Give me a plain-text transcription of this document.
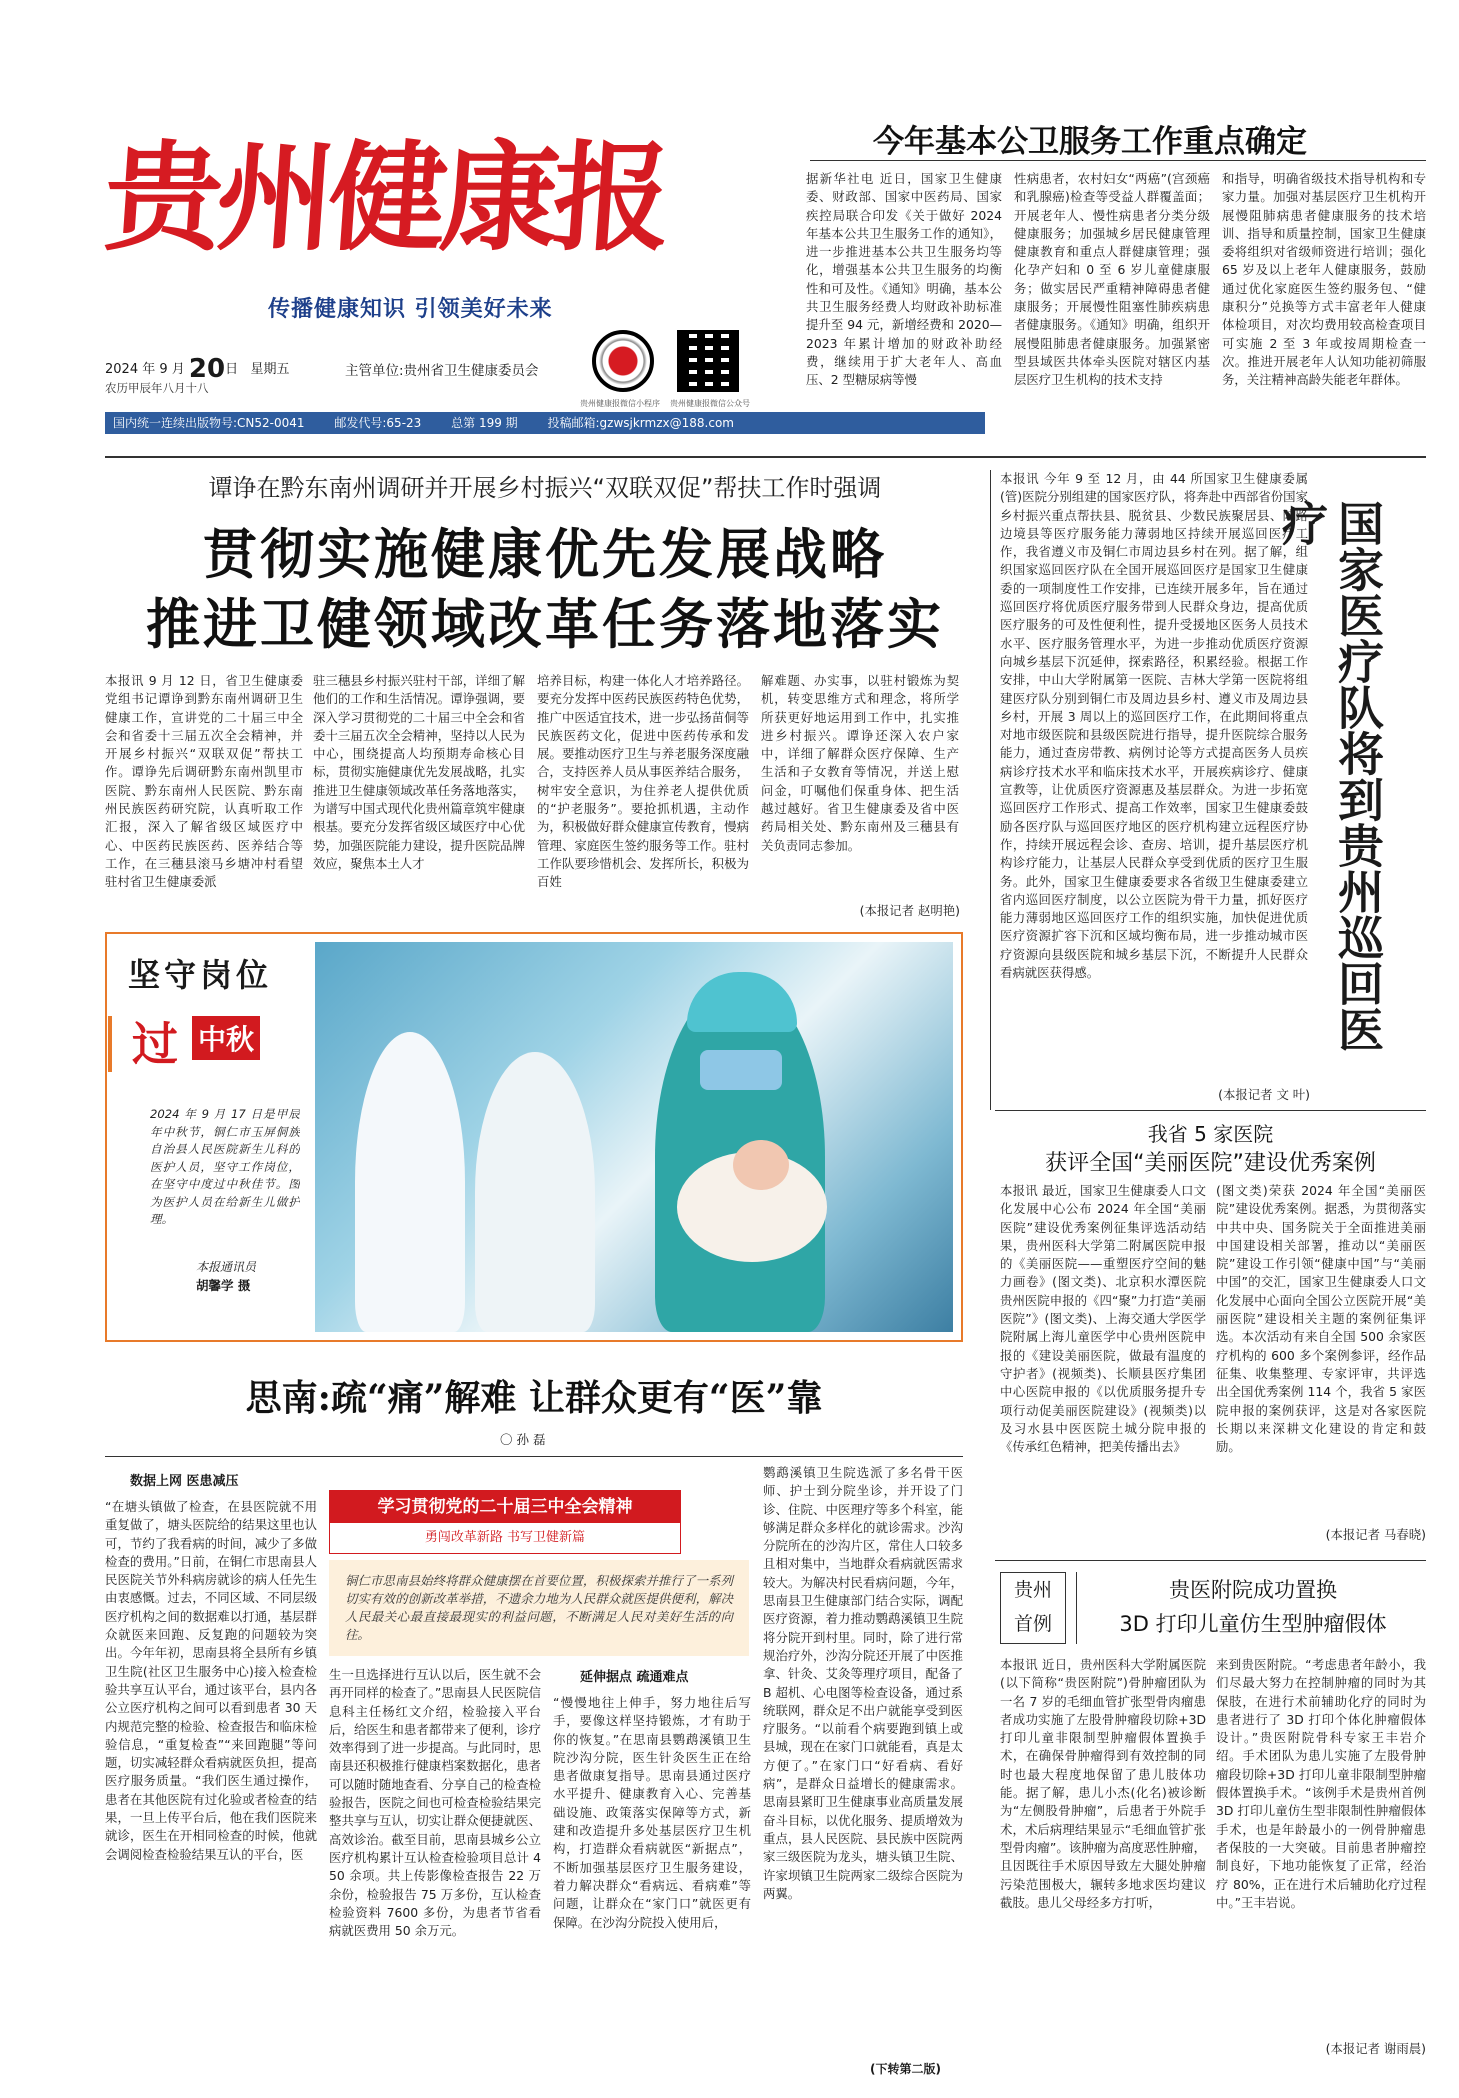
贵州健康报
传播健康知识 引领美好未来
2024 年 9 月 20日 星期五
农历甲辰年八月十八
主管单位:贵州省卫生健康委员会
贵州健康报微信小程序 贵州健康报微信公众号
国内统一连续出版物号:CN52-0041 邮发代号:65-23 总第 199 期 投稿邮箱:gzwsjkrmzx@188.com
今年基本公卫服务工作重点确定
据新华社电 近日，国家卫生健康委、财政部、国家中医药局、国家疾控局联合印发《关于做好 2024 年基本公共卫生服务工作的通知》，进一步推进基本公共卫生服务均等化，增强基本公共卫生服务的均衡性和可及性。《通知》明确，基本公共卫生服务经费人均财政补助标准提升至 94 元，新增经费和 2020—2023 年累计增加的财政补助经费，继续用于扩大老年人、高血压、2 型糖尿病等慢
性病患者，农村妇女“两癌”(宫颈癌和乳腺癌)检查等受益人群覆盖面；开展老年人、慢性病患者分类分级健康服务；加强城乡居民健康管理健康教育和重点人群健康管理；强化孕产妇和 0 至 6 岁儿童健康服务；做实居民严重精神障碍患者健康服务；开展慢性阻塞性肺疾病患者健康服务。《通知》明确，组织开展慢阻肺患者健康服务。加强紧密型县域医共体牵头医院对辖区内基层医疗卫生机构的技术支持
和指导，明确省级技术指导机构和专家力量。加强对基层医疗卫生机构开展慢阻肺病患者健康服务的技术培训、指导和质量控制，国家卫生健康委将组织对省级师资进行培训；强化 65 岁及以上老年人健康服务，鼓励通过优化家庭医生签约服务包、“健康积分”兑换等方式丰富老年人健康体检项目，对次均费用较高检查项目可实施 2 至 3 年或按周期检查一次。推进开展老年人认知功能初筛服务，关注精神高龄失能老年群体。
谭诤在黔东南州调研并开展乡村振兴“双联双促”帮扶工作时强调
贯彻实施健康优先发展战略
推进卫健领域改革任务落地落实
本报讯 9 月 12 日，省卫生健康委党组书记谭诤到黔东南州调研卫生健康工作，宣讲党的二十届三中全会和省委十三届五次全会精神，并开展乡村振兴“双联双促”帮扶工作。谭诤先后调研黔东南州凯里市医院、黔东南州人民医院、黔东南州民族医药研究院，认真听取工作汇报，深入了解省级区域医疗中心、中医药民族医药、医养结合等工作，在三穗县滚马乡塘冲村看望驻村省卫生健康委派
驻三穗县乡村振兴驻村干部，详细了解他们的工作和生活情况。谭诤强调，要深入学习贯彻党的二十届三中全会和省委十三届五次全会精神，坚持以人民为中心，围绕提高人均预期寿命核心目标，贯彻实施健康优先发展战略，扎实推进卫生健康领域改革任务落地落实，为谱写中国式现代化贵州篇章筑牢健康根基。要充分发挥省级区域医疗中心优势，加强医院能力建设，提升医院品牌效应，聚焦本土人才
培养目标，构建一体化人才培养路径。要充分发挥中医药民族医药特色优势，推广中医适宜技术，进一步弘扬苗侗等民族医药文化，促进中医药传承和发展。要推动医疗卫生与养老服务深度融合，支持医养人员从事医养结合服务，树牢安全意识，为住养老人提供优质的“护老服务”。要抢抓机遇，主动作为，积极做好群众健康宣传教育，慢病管理、家庭医生签约服务等工作。驻村工作队要珍惜机会、发挥所长，积极为百姓
解难题、办实事，以驻村锻炼为契机，转变思维方式和理念，将所学所获更好地运用到工作中，扎实推进乡村振兴。谭诤还深入农户家中，详细了解群众医疗保障、生产生活和子女教育等情况，并送上慰问金，叮嘱他们保重身体、把生活越过越好。省卫生健康委及省中医药局相关处、黔东南州及三穗县有关负责同志参加。
(本报记者 赵明艳)
坚守岗位
过 中秋
2024 年 9 月 17 日是甲辰年中秋节，铜仁市玉屏侗族自治县人民医院新生儿科的医护人员，坚守工作岗位，在坚守中度过中秋佳节。图为医护人员在给新生儿做护理。
本报通讯员
胡馨学 摄
本报讯 今年 9 至 12 月，由 44 所国家卫生健康委属(管)医院分别组建的国家医疗队，将奔赴中西部省份国家乡村振兴重点帮扶县、脱贫县、少数民族聚居县、陆路边境县等医疗服务能力薄弱地区持续开展巡回医疗工作，我省遵义市及铜仁市周边县乡村在列。据了解，组织国家巡回医疗队在全国开展巡回医疗是国家卫生健康委的一项制度性工作安排，已连续开展多年，旨在通过巡回医疗将优质医疗服务带到人民群众身边，提高优质医疗服务的可及性便利性，提升受援地区医务人员技术水平、医疗服务管理水平，为进一步推动优质医疗资源向城乡基层下沉延伸，探索路径，积累经验。根据工作安排，中山大学附属第一医院、吉林大学第一医院将组建医疗队分别到铜仁市及周边县乡村、遵义市及周边县乡村，开展 3 周以上的巡回医疗工作，在此期间将重点对地市级医院和县级医院进行指导，提升医院综合服务能力，通过查房带教、病例讨论等方式提高医务人员疾病诊疗技术水平和临床技术水平，开展疾病诊疗、健康宣教等，让优质医疗资源惠及基层群众。为进一步拓宽巡回医疗工作形式、提高工作效率，国家卫生健康委鼓励各医疗队与巡回医疗地区的医疗机构建立远程医疗协作，持续开展远程会诊、查房、培训，提升基层医疗机构诊疗能力，让基层人民群众享受到优质的医疗卫生服务。此外，国家卫生健康委要求各省级卫生健康委建立省内巡回医疗制度，以公立医院为骨干力量，抓好医疗能力薄弱地区巡回医疗工作的组织实施，加快促进优质医疗资源扩容下沉和区域均衡布局，进一步推动城市医疗资源向县级医院和城乡基层下沉，不断提升人民群众看病就医获得感。
(本报记者 文 叶)
国家医疗队将到贵州巡回医疗
我省 5 家医院
获评全国“美丽医院”建设优秀案例
本报讯 最近，国家卫生健康委人口文化发展中心公布 2024 年全国“美丽医院”建设优秀案例征集评选活动结果，贵州医科大学第二附属医院申报的《美丽医院——重塑医疗空间的魅力画卷》(图文类)、北京积水潭医院贵州医院申报的《四“聚”力打造“美丽医院”》(图文类)、上海交通大学医学院附属上海儿童医学中心贵州医院申报的《建设美丽医院，做最有温度的守护者》(视频类)、长顺县医疗集团中心医院申报的《以优质服务提升专项行动促美丽医院建设》(视频类)以及习水县中医医院土城分院申报的《传承红色精神，把美传播出去》
(图文类)荣获 2024 年全国“美丽医院”建设优秀案例。据悉，为贯彻落实中共中央、国务院关于全面推进美丽中国建设相关部署，推动以“美丽医院”建设工作引领“健康中国”与“美丽中国”的交汇，国家卫生健康委人口文化发展中心面向全国公立医院开展“美丽医院”建设相关主题的案例征集评选。本次活动有来自全国 500 余家医疗机构的 600 多个案例参评，经作品征集、收集整理、专家评审，共评选出全国优秀案例 114 个，我省 5 家医院申报的案例获评，这是对各家医院长期以来深耕文化建设的肯定和鼓励。
(本报记者 马春晓)
贵州
首例
贵医附院成功置换
3D 打印儿童仿生型肿瘤假体
本报讯 近日，贵州医科大学附属医院(以下简称“贵医附院”)骨肿瘤团队为一名 7 岁的毛细血管扩张型骨肉瘤患者成功实施了左股骨肿瘤段切除+3D 打印儿童非限制型肿瘤假体置换手术，在确保骨肿瘤得到有效控制的同时也最大程度地保留了患儿肢体功能。据了解，患儿小杰(化名)被诊断为“左侧股骨肿瘤”，后患者于外院手术，术后病理结果显示“毛细血管扩张型骨肉瘤”。该肿瘤为高度恶性肿瘤，且因既往手术原因导致左大腿处肿瘤污染范围极大，辗转多地求医均建议截肢。患儿父母经多方打听，
来到贵医附院。“考虑患者年龄小，我们尽最大努力在控制肿瘤的同时为其保肢，在进行术前辅助化疗的同时为患者进行了 3D 打印个体化肿瘤假体设计。”贵医附院骨科专家王丰岩介绍。手术团队为患儿实施了左股骨肿瘤段切除+3D 打印儿童非限制型肿瘤假体置换手术。“该例手术是贵州首例 3D 打印儿童仿生型非限制性肿瘤假体手术，也是年龄最小的一例骨肿瘤患者保肢的一大突破。目前患者肿瘤控制良好，下地功能恢复了正常，经治疗 80%，正在进行术后辅助化疗过程中。”王丰岩说。
(本报记者 谢雨晨)
思南:疏“痛”解难 让群众更有“医”靠
〇 孙 磊
数据上网 医患减压
“在塘头镇做了检查，在县医院就不用重复做了，塘头医院给的结果这里也认可，节约了我看病的时间，减少了多做检查的费用。”日前，在铜仁市思南县人民医院关节外科病房就诊的病人任先生由衷感慨。过去，不同区域、不同层级医疗机构之间的数据难以打通，基层群众就医来回跑、反复跑的问题较为突出。今年年初，思南县将全县所有乡镇卫生院(社区卫生服务中心)接入检查检验共享互认平台，通过该平台，县内各公立医疗机构之间可以看到患者 30 天内规范完整的检验、检查报告和临床检验信息，“重复检查”“来回跑腿”等问题，切实减轻群众看病就医负担，提高医疗服务质量。“我们医生通过操作，患者在其他医院有过化验或者检查的结果，一旦上传平台后，他在我们医院来就诊，医生在开相同检查的时候，他就会调阅检查检验结果互认的平台，医
学习贯彻党的二十届三中全会精神
勇闯改革新路 书写卫健新篇
铜仁市思南县始终将群众健康摆在首要位置，积极探索并推行了一系列切实有效的创新改革举措，不遗余力地为人民群众就医提供便利，解决人民最关心最直接最现实的利益问题，不断满足人民对美好生活的向往。
生一旦选择进行互认以后，医生就不会再开同样的检查了。”思南县人民医院信息科主任杨红文介绍，检验接入平台后，给医生和患者都带来了便利，诊疗效率得到了进一步提高。与此同时，思南县还积极推行健康档案数据化，患者可以随时随地查看、分享自己的检查检验报告，医院之间也可检查检验结果完整共享与互认，切实让群众便捷就医、高效诊治。截至目前，思南县城乡公立医疗机构累计互认检查检验项目总计 450 余项。共上传影像检查报告 22 万余份，检验报告 75 万多份，互认检查检验资料 7600 多份，为患者节省看病就医费用 50 余万元。
延伸据点 疏通难点
“慢慢地往上伸手，努力地往后写手，要像这样坚持锻炼，才有助于你的恢复。”在思南县鹦鹉溪镇卫生院沙沟分院，医生针灸医生正在给患者做康复指导。思南县通过医疗水平提升、健康教育入心、完善基础设施、政策落实保障等方式，新建和改造提升多处基层医疗卫生机构，打造群众看病就医“新据点”，不断加强基层医疗卫生服务建设，着力解决群众“看病远、看病难”等问题，让群众在“家门口”就医更有保障。在沙沟分院投入使用后，
鹦鹉溪镇卫生院选派了多名骨干医师、护士到分院坐诊，并开设了门诊、住院、中医理疗等多个科室，能够满足群众多样化的就诊需求。沙沟分院所在的沙沟片区，常住人口较多且相对集中，当地群众看病就医需求较大。为解决村民看病问题，今年，思南县卫生健康部门结合实际，调配医疗资源，着力推动鹦鹉溪镇卫生院将分院开到村里。同时，除了进行常规治疗外，沙沟分院还开展了中医推拿、针灸、艾灸等理疗项目，配备了 B 超机、心电图等检查设备，通过系统联网，群众足不出户就能享受到医疗服务。“以前看个病要跑到镇上或县城，现在在家门口就能看，真是太方便了。”在家门口“好看病、看好病”，是群众日益增长的健康需求。思南县紧盯卫生健康事业高质量发展奋斗目标，以优化服务、提质增效为重点，县人民医院、县民族中医院两家三级医院为龙头，塘头镇卫生院、许家坝镇卫生院两家二级综合医院为两翼。
(下转第二版)
